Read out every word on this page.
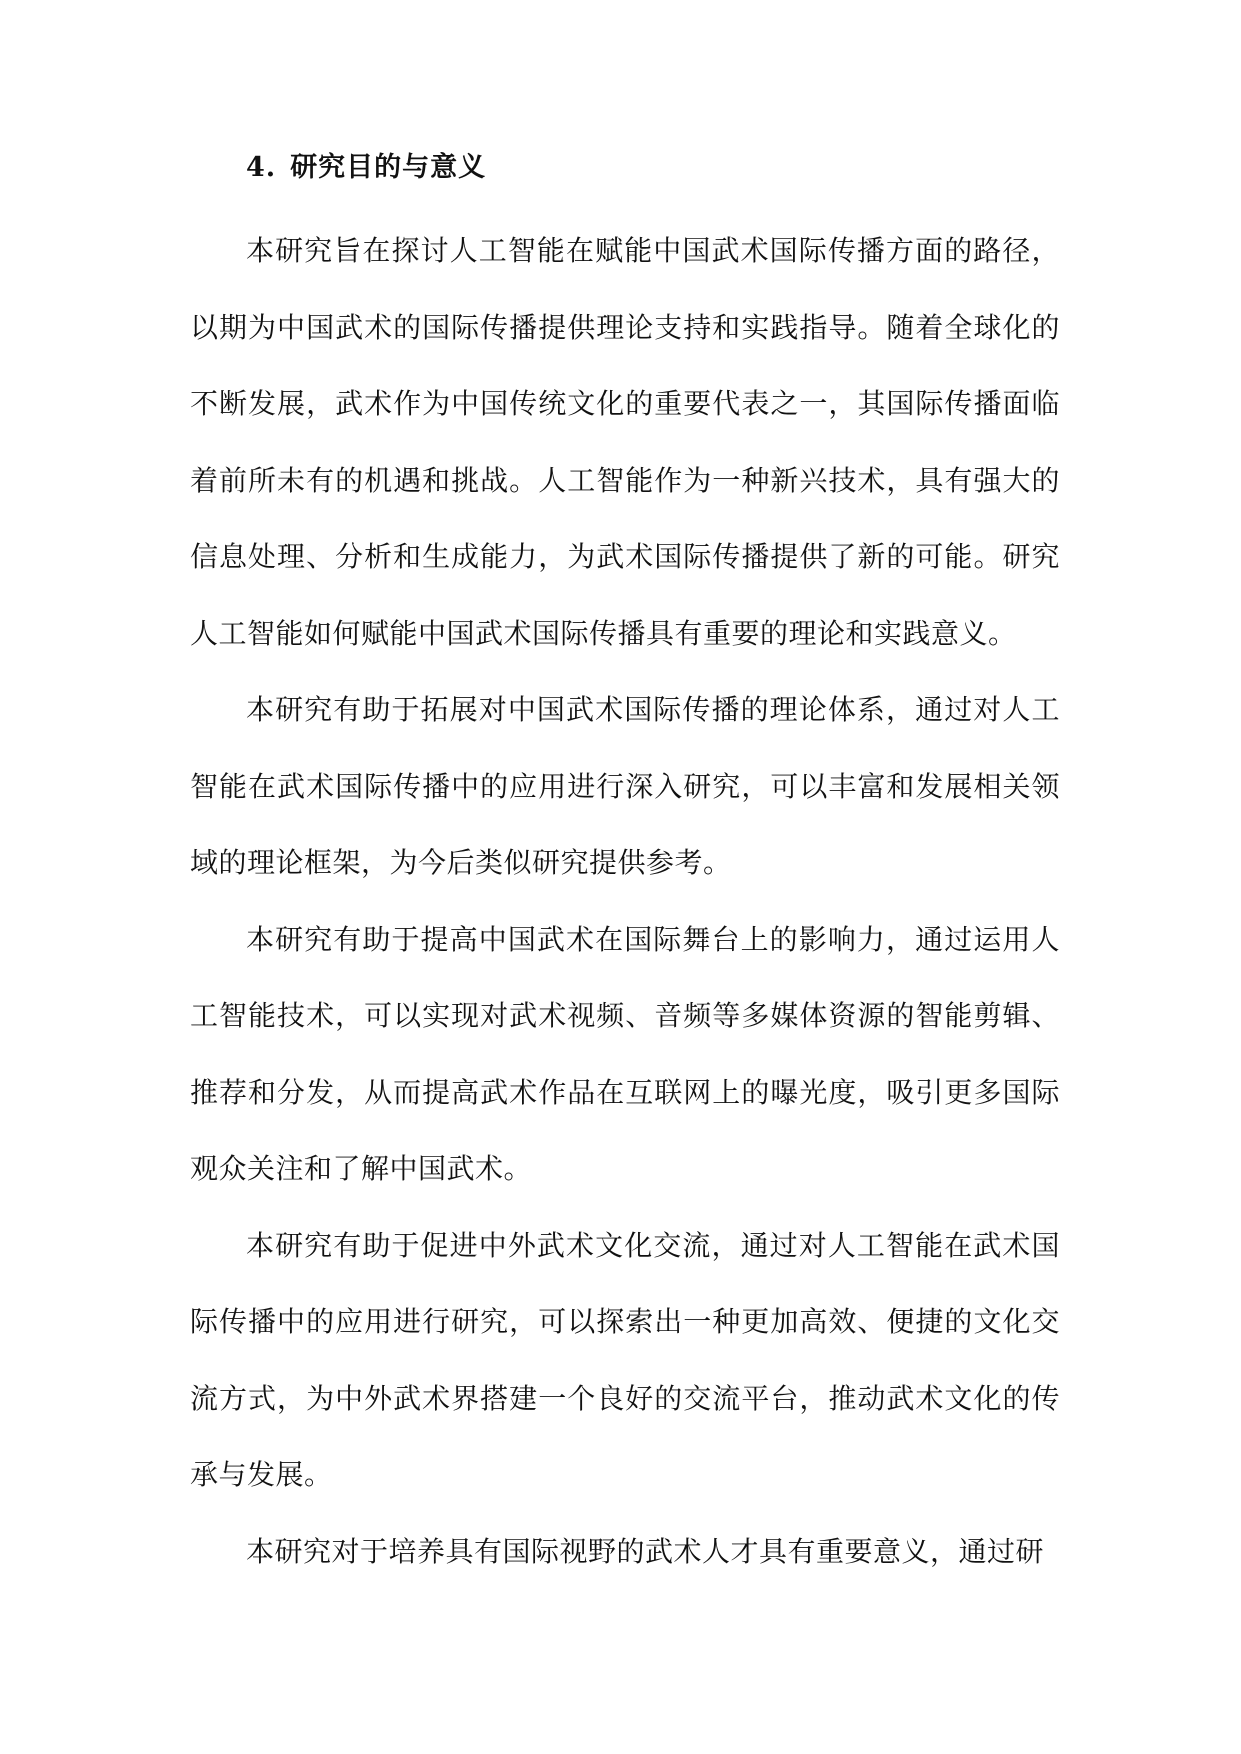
4. 研究目的与意义

本研究旨在探讨人工智能在赋能中国武术国际传播方面的路径，以期为中国武术的国际传播提供理论支持和实践指导。随着全球化的不断发展，武术作为中国传统文化的重要代表之一，其国际传播面临着前所未有的机遇和挑战。人工智能作为一种新兴技术，具有强大的信息处理、分析和生成能力，为武术国际传播提供了新的可能。研究人工智能如何赋能中国武术国际传播具有重要的理论和实践意义。

本研究有助于拓展对中国武术国际传播的理论体系，通过对人工智能在武术国际传播中的应用进行深入研究，可以丰富和发展相关领域的理论框架，为今后类似研究提供参考。

本研究有助于提高中国武术在国际舞台上的影响力，通过运用人工智能技术，可以实现对武术视频、音频等多媒体资源的智能剪辑、推荐和分发，从而提高武术作品在互联网上的曝光度，吸引更多国际观众关注和了解中国武术。

本研究有助于促进中外武术文化交流，通过对人工智能在武术国际传播中的应用进行研究，可以探索出一种更加高效、便捷的文化交流方式，为中外武术界搭建一个良好的交流平台，推动武术文化的传承与发展。

本研究对于培养具有国际视野的武术人才具有重要意义，通过研
